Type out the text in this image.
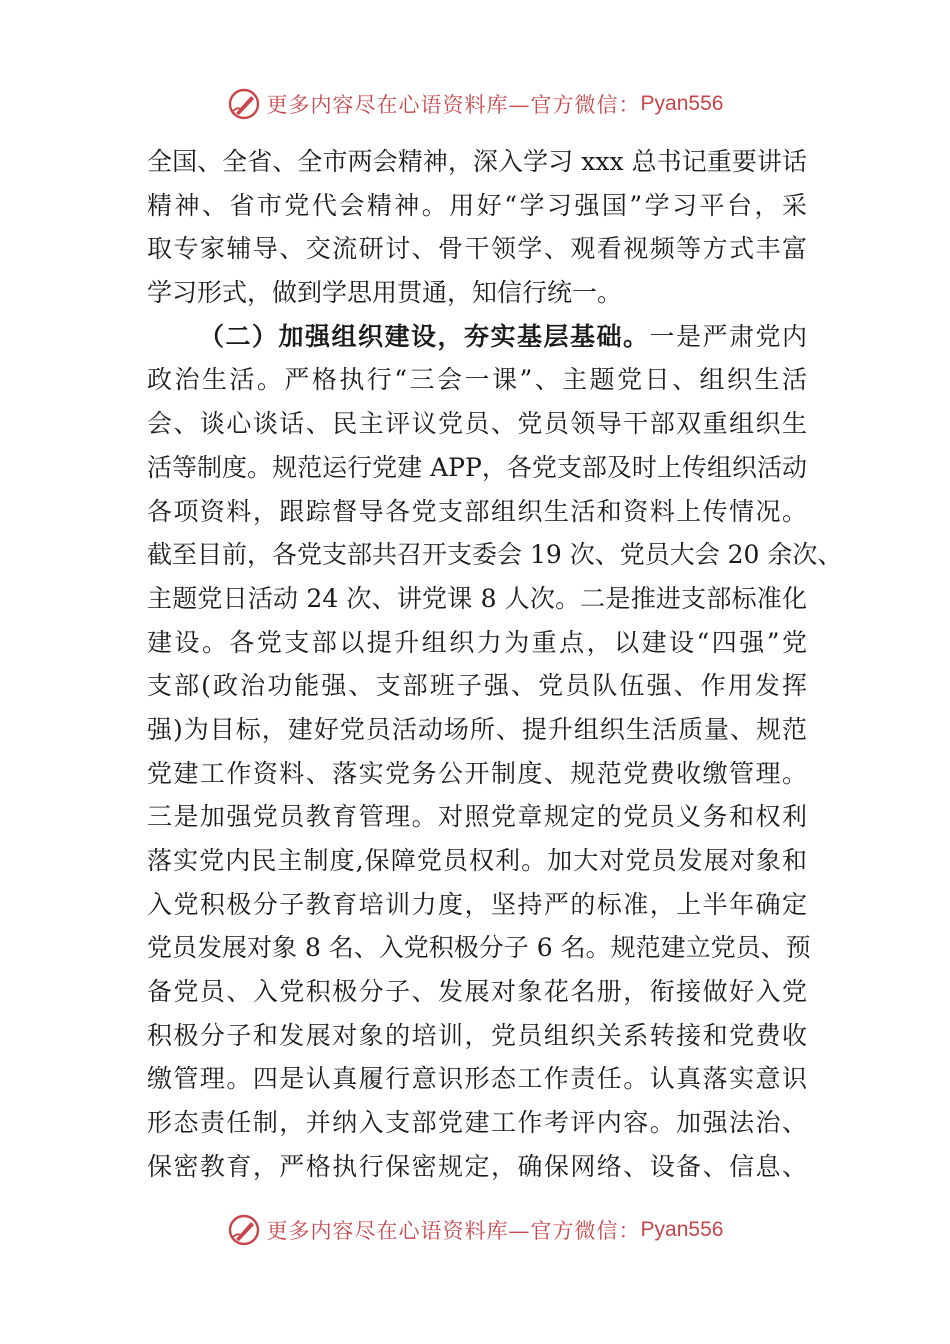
更多内容尽在心语资料库—官方微信： Pyan556
全国、全省、全市两会精神，深入学习 xxx 总书记重要讲话
精神、省市党代会精神。用好“学习强国”学习平台，采
取专家辅导、交流研讨、骨干领学、观看视频等方式丰富
学习形式，做到学思用贯通，知信行统一。
（二）加强组织建设，夯实基层基础。一是严肃党内
政治生活。严格执行“三会一课”、主题党日、组织生活
会、谈心谈话、民主评议党员、党员领导干部双重组织生
活等制度。规范运行党建 APP，各党支部及时上传组织活动
各项资料，跟踪督导各党支部组织生活和资料上传情况。
截至目前，各党支部共召开支委会 19 次、党员大会 20 余次、
主题党日活动 24 次、讲党课 8 人次。二是推进支部标准化
建设。各党支部以提升组织力为重点，以建设“四强”党
支部(政治功能强、支部班子强、党员队伍强、作用发挥
强)为目标，建好党员活动场所、提升组织生活质量、规范
党建工作资料、落实党务公开制度、规范党费收缴管理。
三是加强党员教育管理。对照党章规定的党员义务和权利
落实党内民主制度,保障党员权利。加大对党员发展对象和
入党积极分子教育培训力度，坚持严的标准，上半年确定
党员发展对象 8 名、入党积极分子 6 名。规范建立党员、预
备党员、入党积极分子、发展对象花名册，衔接做好入党
积极分子和发展对象的培训，党员组织关系转接和党费收
缴管理。四是认真履行意识形态工作责任。认真落实意识
形态责任制，并纳入支部党建工作考评内容。加强法治、
保密教育，严格执行保密规定，确保网络、设备、信息、
更多内容尽在心语资料库—官方微信： Pyan556
